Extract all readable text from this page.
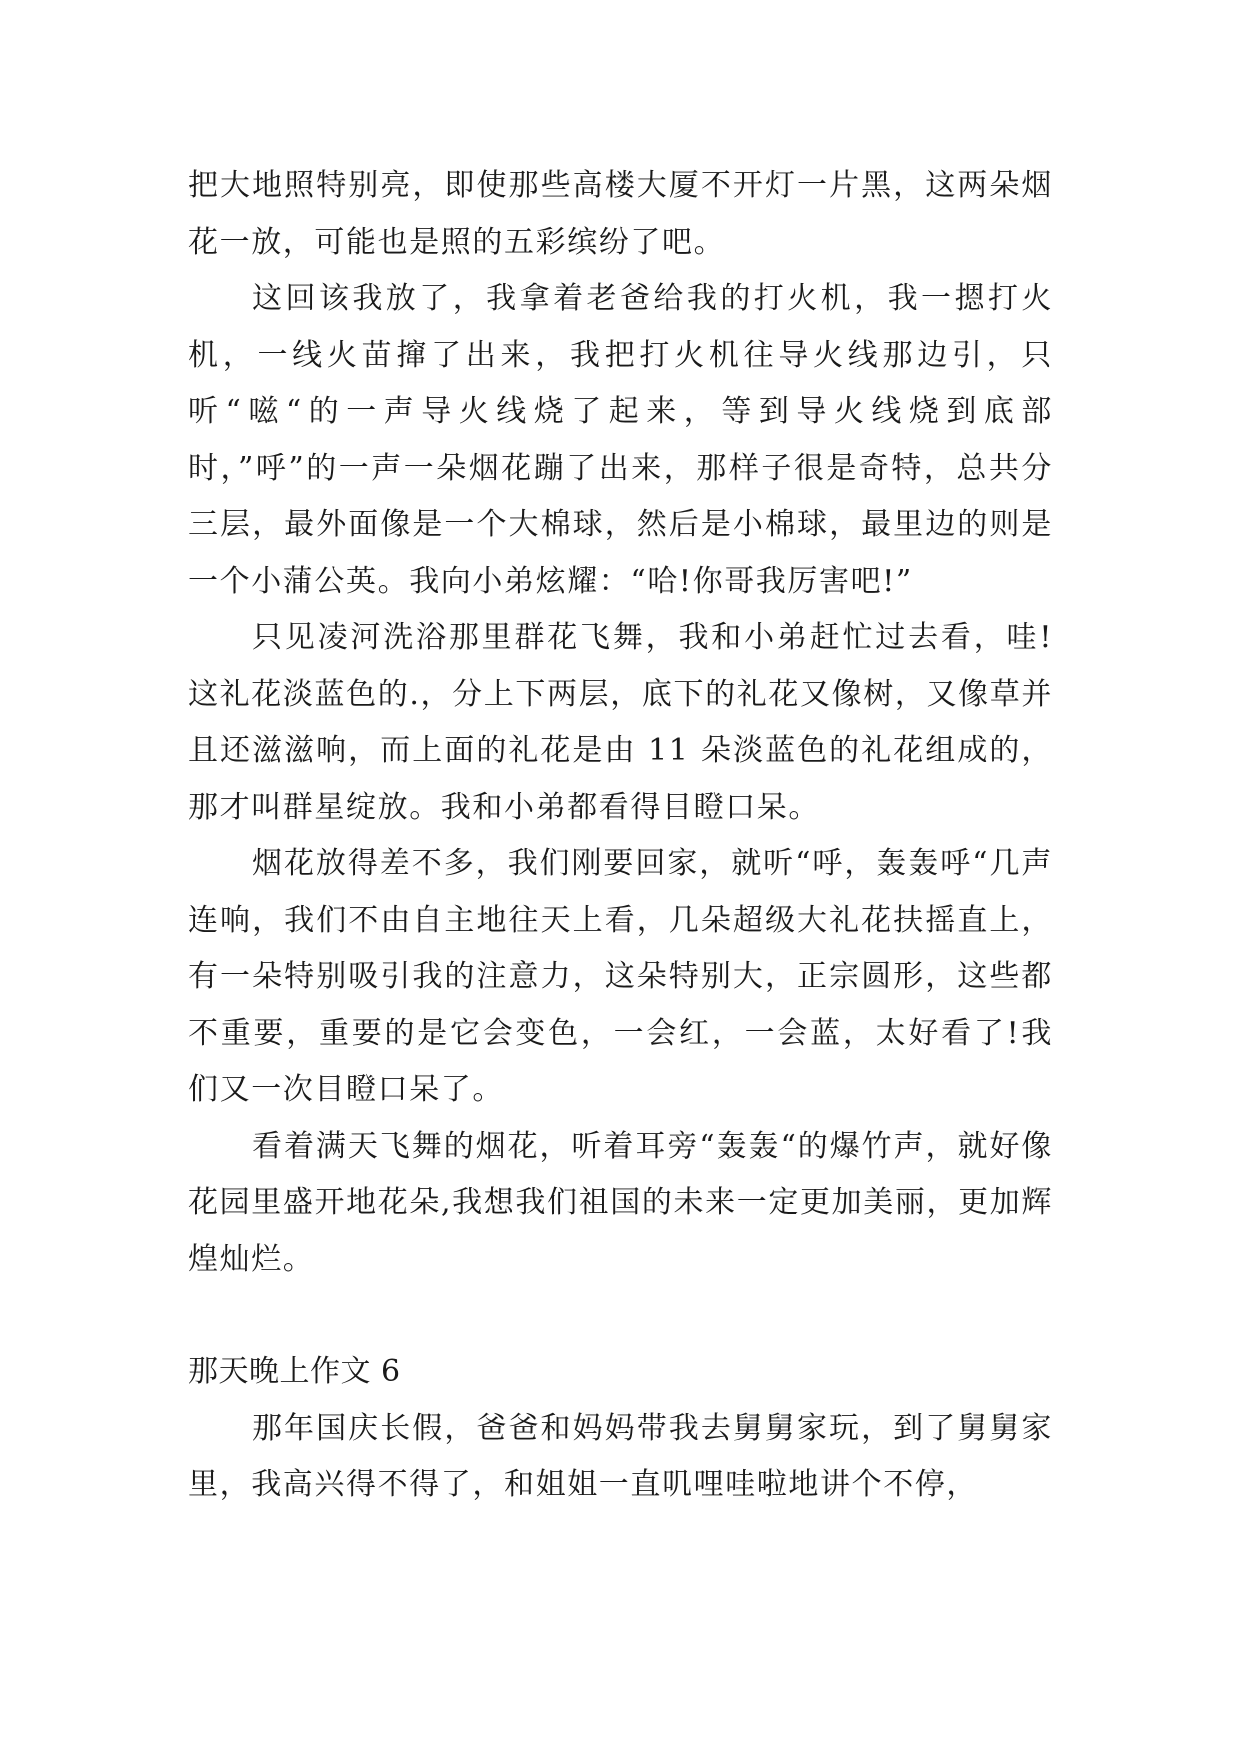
把大地照特别亮，即使那些高楼大厦不开灯一片黑，这两朵烟花一放，可能也是照的五彩缤纷了吧。

这回该我放了，我拿着老爸给我的打火机，我一摁打火机，一线火苗撺了出来，我把打火机往导火线那边引，只听“嗞“的一声导火线烧了起来，等到导火线烧到底部时，”呼”的一声一朵烟花蹦了出来，那样子很是奇特，总共分三层，最外面像是一个大棉球，然后是小棉球，最里边的则是一个小蒲公英。我向小弟炫耀：“哈!你哥我厉害吧!”

只见凌河洗浴那里群花飞舞，我和小弟赶忙过去看，哇!这礼花淡蓝色的.，分上下两层，底下的礼花又像树，又像草并且还滋滋响，而上面的礼花是由 11 朵淡蓝色的礼花组成的，那才叫群星绽放。我和小弟都看得目瞪口呆。

烟花放得差不多，我们刚要回家，就听“呼，轰轰呼“几声连响，我们不由自主地往天上看，几朵超级大礼花扶摇直上，有一朵特别吸引我的注意力，这朵特别大，正宗圆形，这些都不重要，重要的是它会变色，一会红，一会蓝，太好看了!我们又一次目瞪口呆了。

看着满天飞舞的烟花，听着耳旁“轰轰“的爆竹声，就好像花园里盛开地花朵,我想我们祖国的未来一定更加美丽，更加辉煌灿烂。

那天晚上作文 6

那年国庆长假，爸爸和妈妈带我去舅舅家玩，到了舅舅家里，我高兴得不得了，和姐姐一直叽哩哇啦地讲个不停，
